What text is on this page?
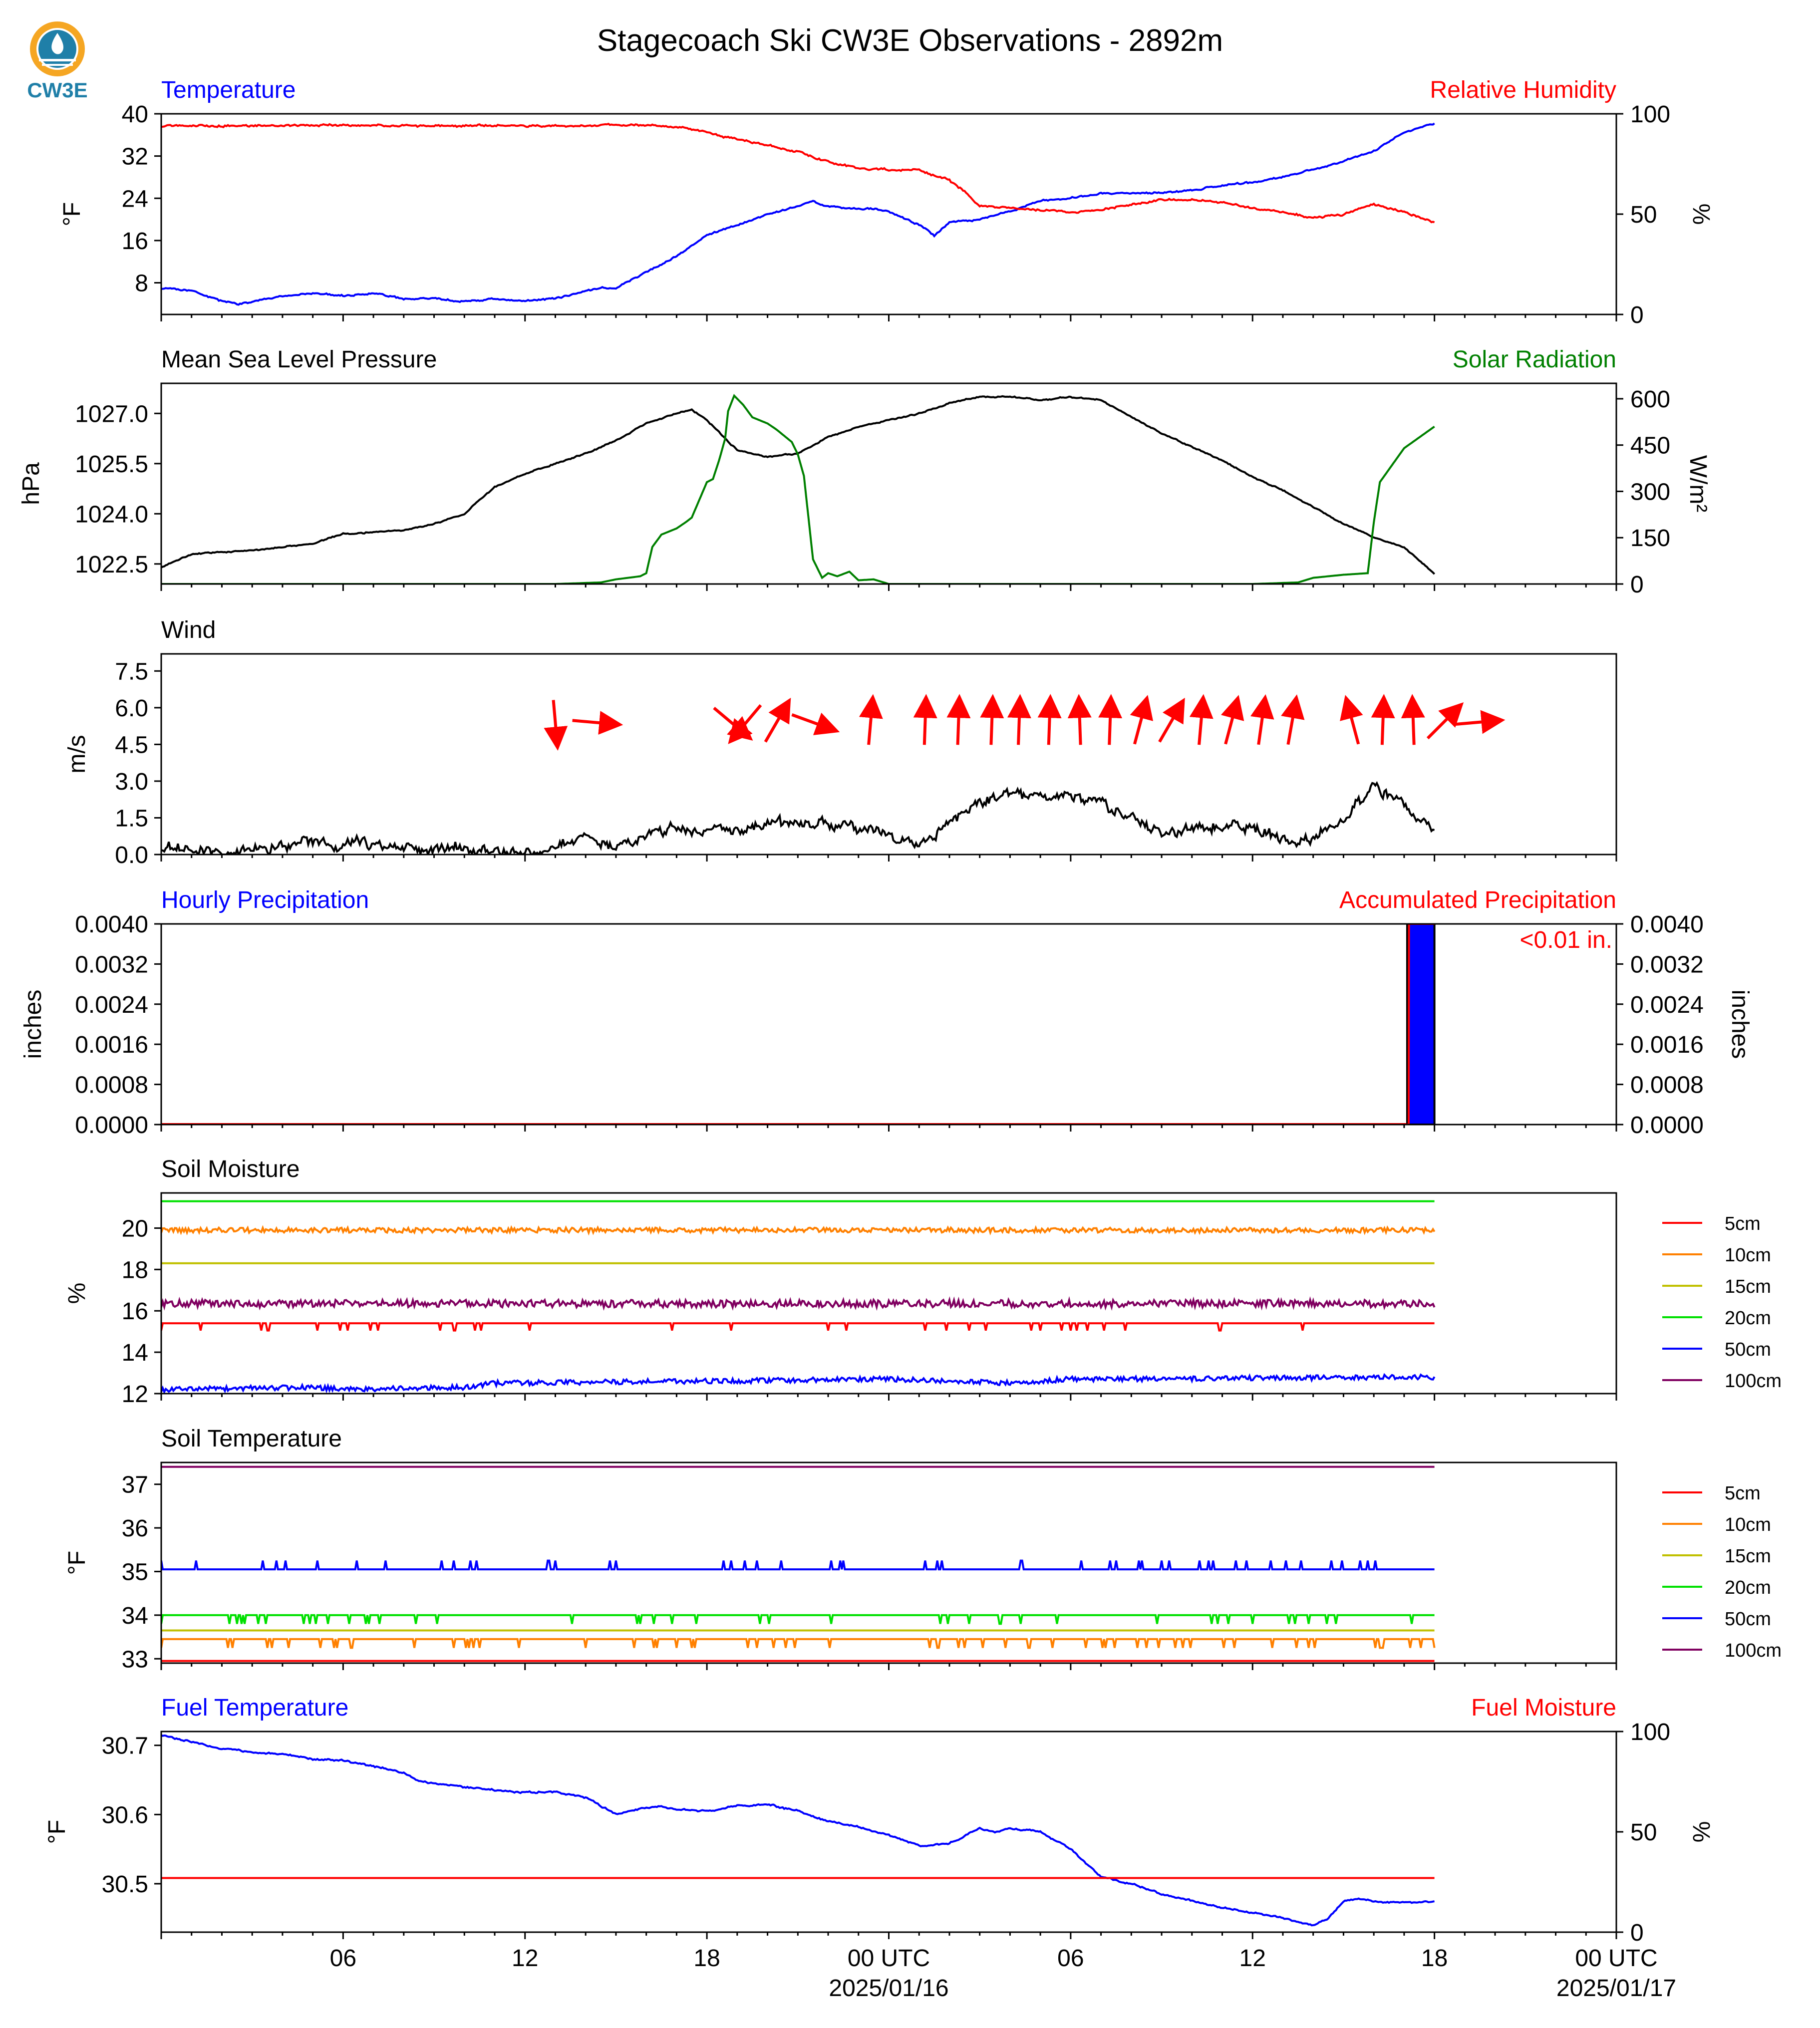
CW3E
Stagecoach Ski CW3E Observations - 2892m
Temperature	Relative Humidity
8
16
24
32
40
°F
0
50
100
%
Mean Sea Level Pressure	Solar Radiation
1022.5
1024.0
1025.5
1027.0
hPa
0
150
300
450
600
W/m²
Wind
0.0
1.5
3.0
4.5
6.0
7.5
m/s
Hourly Precipitation	Accumulated Precipitation
0.0000
0.0008
0.0016
0.0024
0.0032
0.0040
inches
0.0000
0.0008
0.0016
0.0024
0.0032
0.0040
inches
<0.01 in.
Soil Moisture
12
14
16
18
20
%
5cm
10cm
15cm
20cm
50cm
100cm
Soil Temperature
33
34
35
36
37
°F
5cm
10cm
15cm
20cm
50cm
100cm
Fuel Temperature	Fuel Moisture
30.5
30.6
30.7
°F
0
50
100
%
06	12	18	00 UTC
2025/01/16
06	12	18	00 UTC
2025/01/17
